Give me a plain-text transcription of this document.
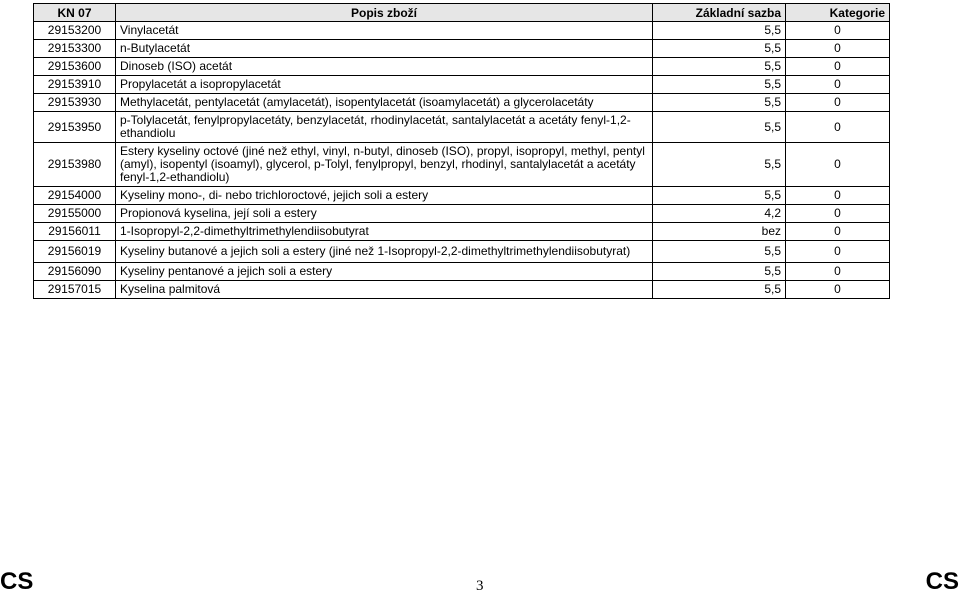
KN 07	Popis zboží	Základní sazba	Kategorie
29153200	Vinylacetát	5,5	0
29153300	n-Butylacetát	5,5	0
29153600	Dinoseb (ISO) acetát	5,5	0
29153910	Propylacetát a isopropylacetát	5,5	0
29153930	Methylacetát, pentylacetát (amylacetát), isopentylacetát (isoamylacetát) a glycerolacetáty	5,5	0
29153950	p-Tolylacetát, fenylpropylacetáty, benzylacetát, rhodinylacetát, santalylacetát a acetáty fenyl-1,2-ethandiolu	5,5	0
29153980	Estery kyseliny octové (jiné než ethyl, vinyl, n-butyl, dinoseb (ISO), propyl, isopropyl, methyl, pentyl (amyl), isopentyl (isoamyl), glycerol, p-Tolyl, fenylpropyl, benzyl, rhodinyl, santalylacetát a acetáty fenyl-1,2-ethandiolu)	5,5	0
29154000	Kyseliny mono-, di- nebo trichloroctové, jejich soli a estery	5,5	0
29155000	Propionová kyselina, její soli a estery	4,2	0
29156011	1-Isopropyl-2,2-dimethyltrimethylendiisobutyrat	bez	0
29156019	Kyseliny butanové a jejich soli a estery (jiné než 1-Isopropyl-2,2-dimethyltrimethylendiisobutyrat)	5,5	0
29156090	Kyseliny pentanové a jejich soli a estery	5,5	0
29157015	Kyselina palmitová	5,5	0
CS	3	CS
